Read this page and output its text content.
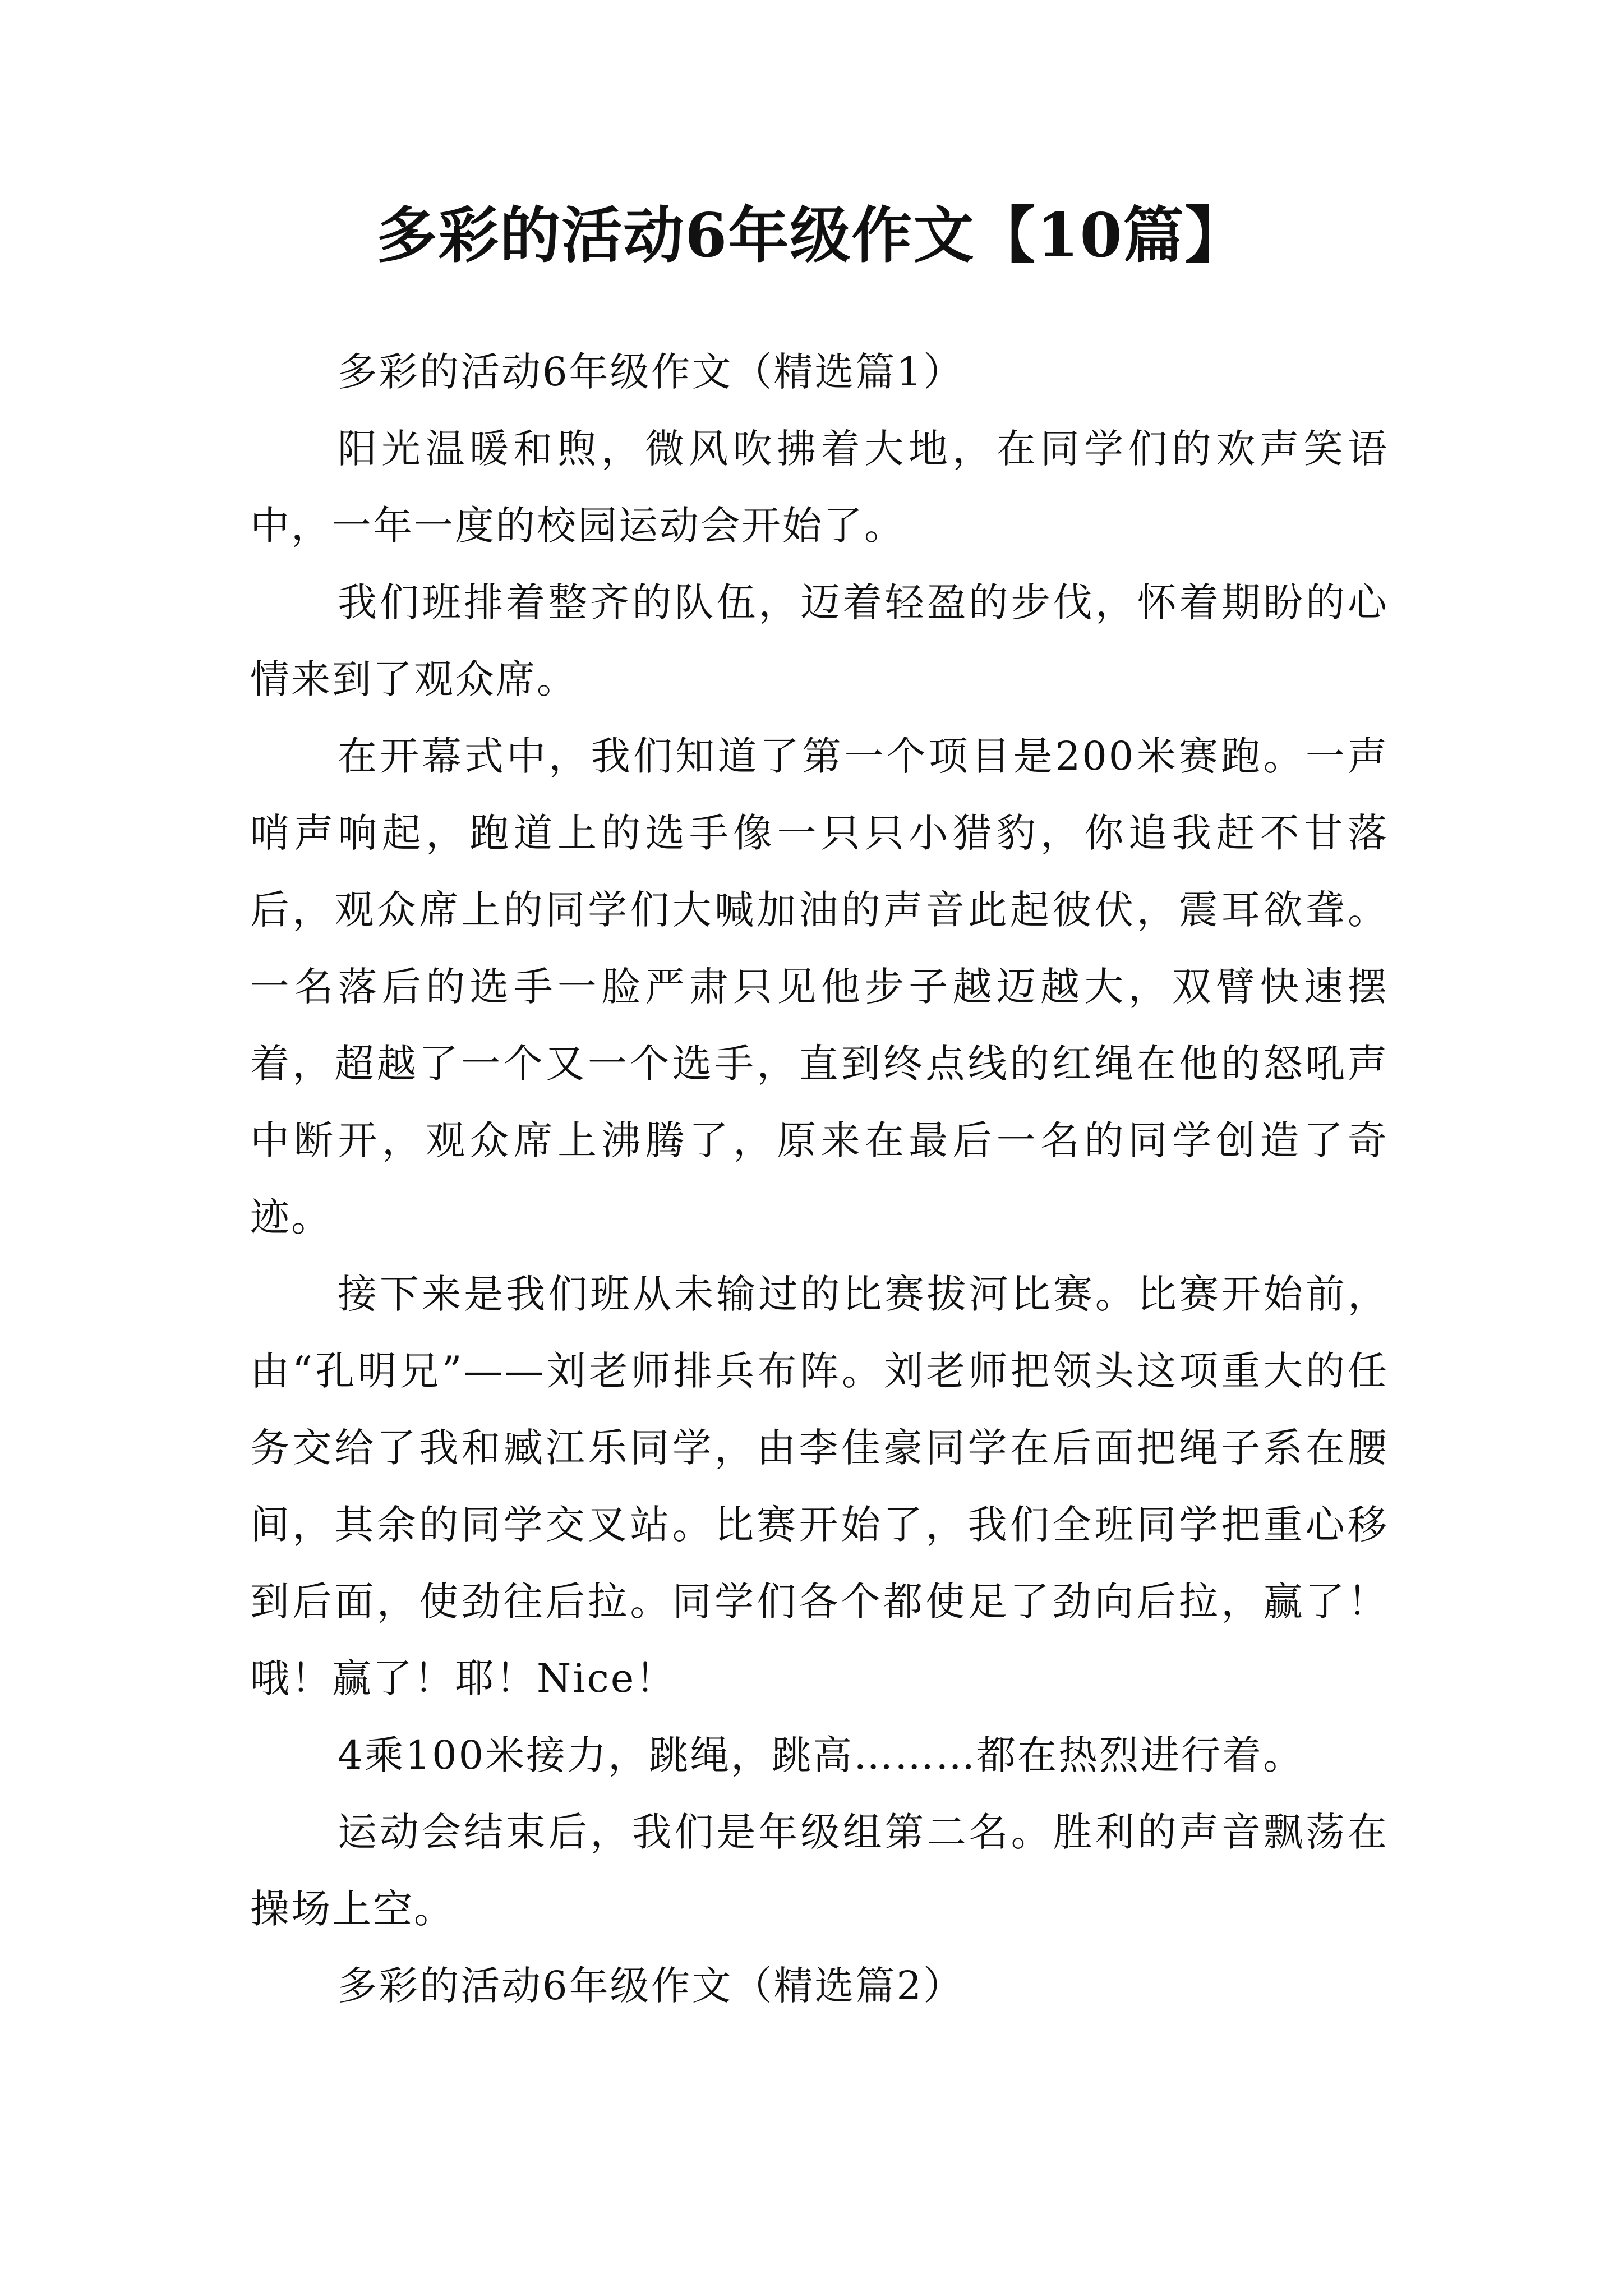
多彩的活动6年级作文【10篇】

多彩的活动6年级作文（精选篇1）

阳光温暖和煦，微风吹拂着大地，在同学们的欢声笑语中，一年一度的校园运动会开始了。

我们班排着整齐的队伍，迈着轻盈的步伐，怀着期盼的心情来到了观众席。

在开幕式中，我们知道了第一个项目是200米赛跑。一声哨声响起，跑道上的选手像一只只小猎豹，你追我赶不甘落后，观众席上的同学们大喊加油的声音此起彼伏，震耳欲聋。一名落后的选手一脸严肃只见他步子越迈越大，双臂快速摆着，超越了一个又一个选手，直到终点线的红绳在他的怒吼声中断开，观众席上沸腾了，原来在最后一名的同学创造了奇迹。

接下来是我们班从未输过的比赛拔河比赛。比赛开始前，由“孔明兄”——刘老师排兵布阵。刘老师把领头这项重大的任务交给了我和臧江乐同学，由李佳豪同学在后面把绳子系在腰间，其余的同学交叉站。比赛开始了，我们全班同学把重心移到后面，使劲往后拉。同学们各个都使足了劲向后拉，赢了！哦！赢了！耶！Nice！

4乘100米接力，跳绳，跳高………都在热烈进行着。

运动会结束后，我们是年级组第二名。胜利的声音飘荡在操场上空。

多彩的活动6年级作文（精选篇2）
